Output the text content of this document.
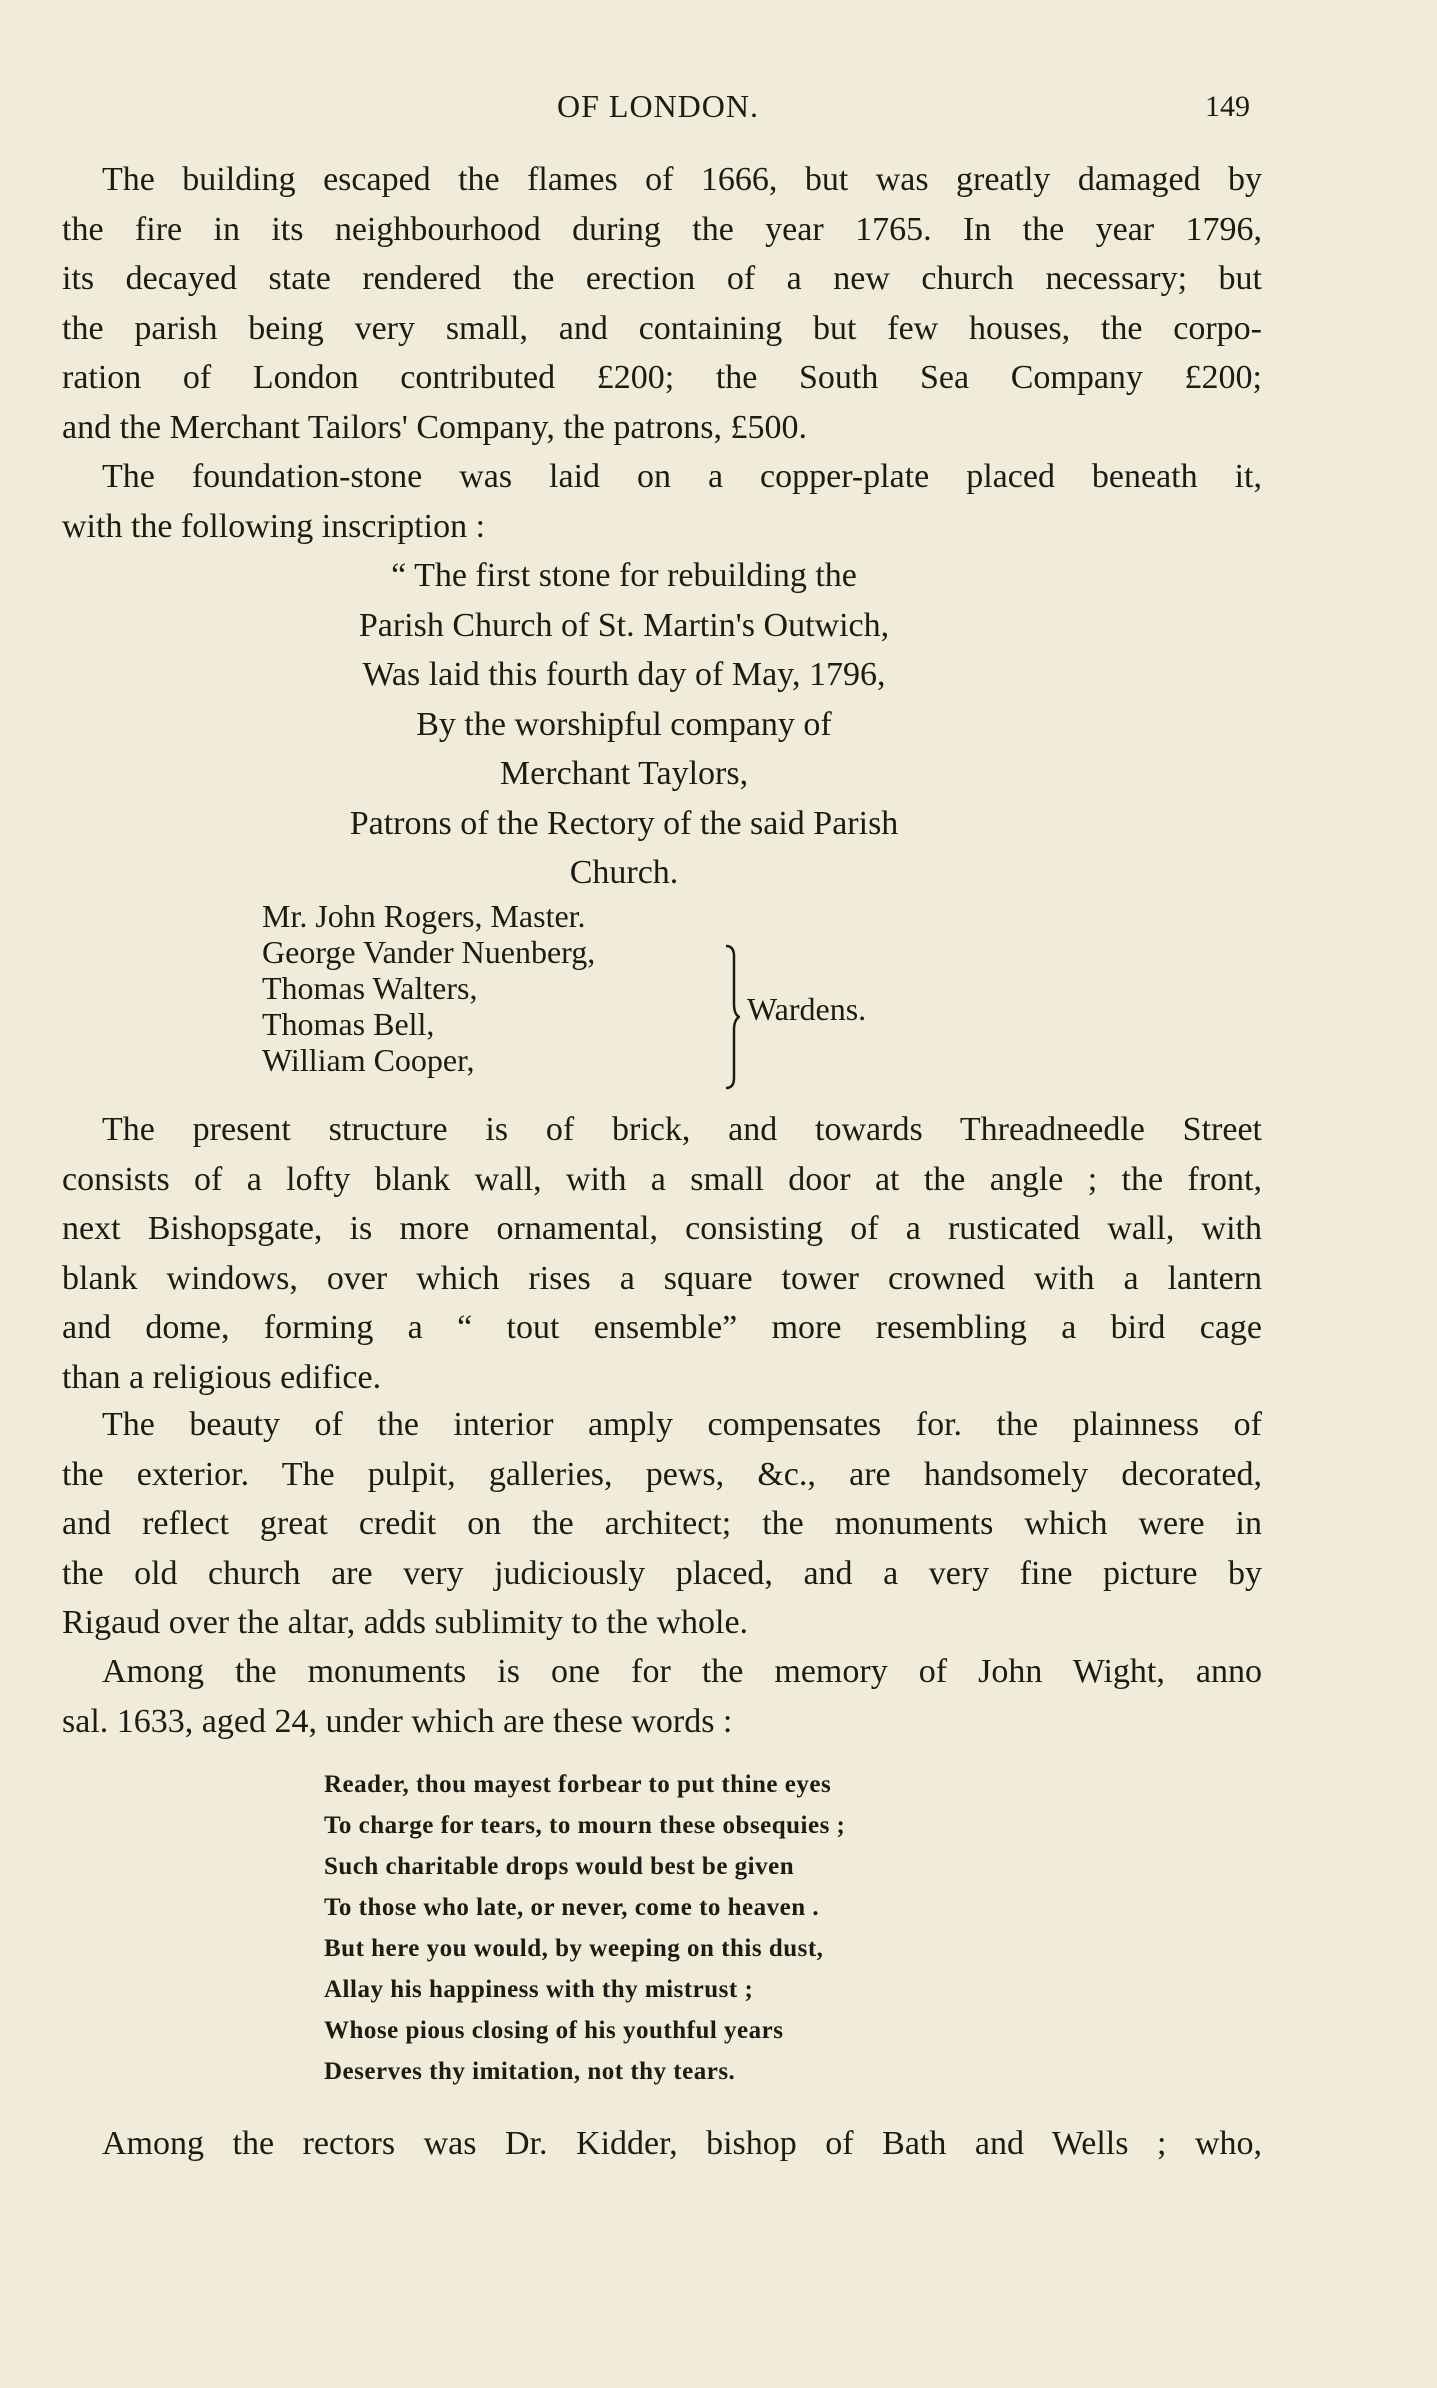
OF LONDON.	149
The building escaped the flames of 1666, but was greatly damaged by
the fire in its neighbourhood during the year 1765. In the year 1796,
its decayed state rendered the erection of a new church necessary; but
the parish being very small, and containing but few houses, the corpo-
ration of London contributed £200; the South Sea Company £200;
and the Merchant Tailors' Company, the patrons, £500.
The foundation-stone was laid on a copper-plate placed beneath it,
with the following inscription :
“ The first stone for rebuilding the
Parish Church of St. Martin's Outwich,
Was laid this fourth day of May, 1796,
By the worshipful company of
Merchant Taylors,
Patrons of the Rectory of the said Parish
Church.
Mr. John Rogers, Master.
George Vander Nuenberg,
Thomas Walters,
Thomas Bell,
William Cooper,
Wardens.
The present structure is of brick, and towards Threadneedle Street
consists of a lofty blank wall, with a small door at the angle ; the front,
next Bishopsgate, is more ornamental, consisting of a rusticated wall, with
blank windows, over which rises a square tower crowned with a lantern
and dome, forming a “ tout ensemble” more resembling a bird cage
than a religious edifice.
The beauty of the interior amply compensates for. the plainness of
the exterior. The pulpit, galleries, pews, &c., are handsomely decorated,
and reflect great credit on the architect; the monuments which were in
the old church are very judiciously placed, and a very fine picture by
Rigaud over the altar, adds sublimity to the whole.
Among the monuments is one for the memory of John Wight, anno
sal. 1633, aged 24, under which are these words :
Reader, thou mayest forbear to put thine eyes
To charge for tears, to mourn these obsequies ;
Such charitable drops would best be given
To those who late, or never, come to heaven .
But here you would, by weeping on this dust,
Allay his happiness with thy mistrust ;
Whose pious closing of his youthful years
Deserves thy imitation, not thy tears.
Among the rectors was Dr. Kidder, bishop of Bath and Wells ; who,
